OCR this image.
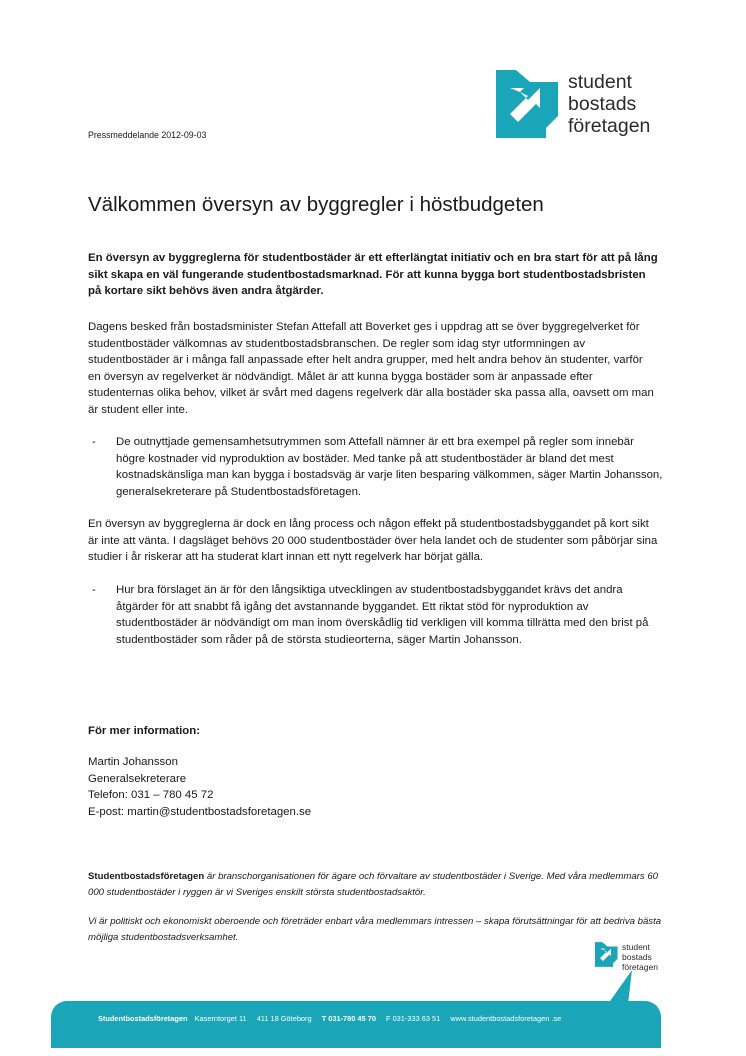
student
bostads
företagen
Pressmeddelande 2012-09-03
Välkommen översyn av byggregler i höstbudgeten

En översyn av byggreglerna för studentbostäder är ett efterlängtat initiativ och en bra start för att på lång sikt skapa en väl fungerande studentbostadsmarknad. För att kunna bygga bort studentbostadsbristen på kortare sikt behövs även andra åtgärder.

Dagens besked från bostadsminister Stefan Attefall att Boverket ges i uppdrag att se över byggregelverket för studentbostäder välkomnas av studentbostadsbranschen. De regler som idag styr utformningen av studentbostäder är i många fall anpassade efter helt andra grupper, med helt andra behov än studenter, varför en översyn av regelverket är nödvändigt. Målet är att kunna bygga bostäder som är anpassade efter studenternas olika behov, vilket är svårt med dagens regelverk där alla bostäder ska passa alla, oavsett om man är student eller inte.

- De outnyttjade gemensamhetsutrymmen som Attefall nämner är ett bra exempel på regler som innebär högre kostnader vid nyproduktion av bostäder. Med tanke på att studentbostäder är bland det mest kostnadskänsliga man kan bygga i bostadsväg är varje liten besparing välkommen, säger Martin Johansson, generalsekreterare på Studentbostadsföretagen.

En översyn av byggreglerna är dock en lång process och någon effekt på studentbostadsbyggandet på kort sikt är inte att vänta. I dagsläget behövs 20 000 studentbostäder över hela landet och de studenter som påbörjar sina studier i år riskerar att ha studerat klart innan ett nytt regelverk har börjat gälla.

- Hur bra förslaget än är för den långsiktiga utvecklingen av studentbostadsbyggandet krävs det andra åtgärder för att snabbt få igång det avstannande byggandet. Ett riktat stöd för nyproduktion av studentbostäder är nödvändigt om man inom överskådlig tid verkligen vill komma tillrätta med den brist på studentbostäder som råder på de största studieorterna, säger Martin Johansson.

För mer information:

Martin Johansson
Generalsekreterare
Telefon: 031 – 780 45 72
E-post: martin@studentbostadsforetagen.se

Studentbostadsföretagen är branschorganisationen för ägare och förvaltare av studentbostäder i Sverige. Med våra medlemmars 60 000 studentbostäder i ryggen är vi Sveriges enskilt största studentbostadsaktör.

Vi är politiskt och ekonomiskt oberoende och företräder enbart våra medlemmars intressen – skapa förutsättningar för att bedriva bästa möjliga studentbostadsverksamhet.

student
bostads
företagen
Studentbostadsföretagen Kaserntorget 11 411 18 Göteborg T 031-780 45 70 F 031-333 63 51 www.studentbostadsforetagen .se
